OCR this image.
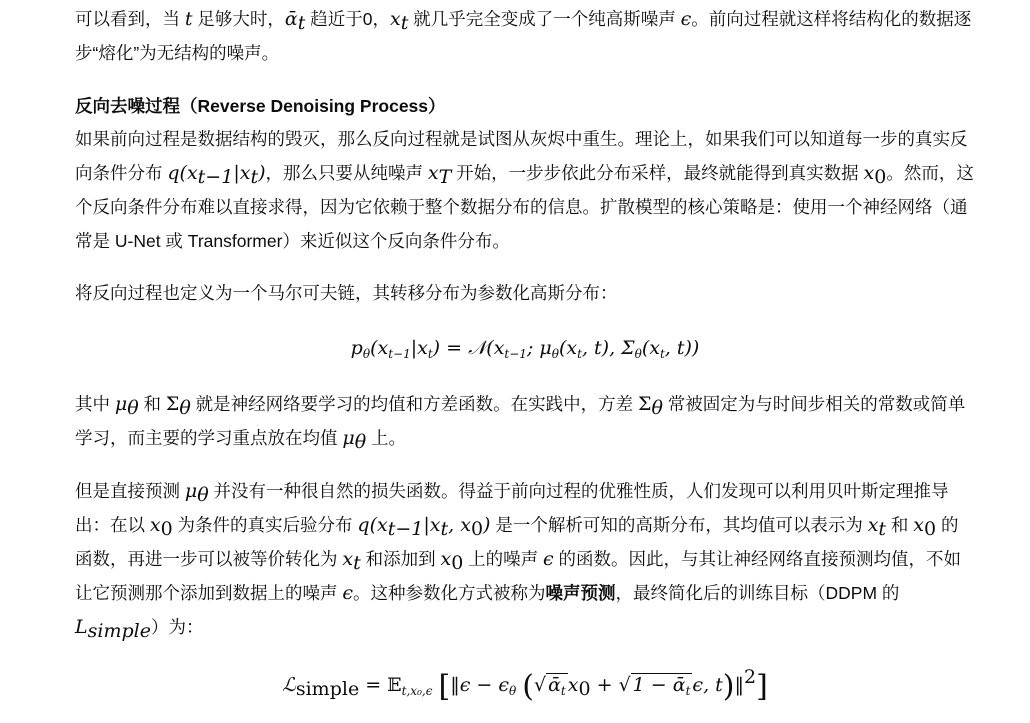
可以看到，当 t 足够大时，ᾱ$_t$ 趋近于0，$x_t$ 就几乎完全变成了一个纯高斯噪声 ϵ。前向过程就这样将结构化的数据逐步“熔化”为无结构的噪声。

反向去噪过程（Reverse Denoising Process）

如果前向过程是数据结构的毁灭，那么反向过程就是试图从灰烬中重生。理论上，如果我们可以知道每一步的真实反向条件分布 $q(x_{t-1}|x_t)$，那么只要从纯噪声 $x_T$ 开始，一步步依此分布采样，最终就能得到真实数据 $x_0$。然而，这个反向条件分布难以直接求得，因为它依赖于整个数据分布的信息。扩散模型的核心策略是：使用一个神经网络（通常是 U-Net 或 Transformer）来近似这个反向条件分布。

将反向过程也定义为一个马尔可夫链，其转移分布为参数化高斯分布：

$p_\theta(x_{t-1}|x_t)$ = $𝒩(x_{t-1}$; $\mu_\theta(x_t$, t), $\Sigma_\theta(x_t$, t))

其中 $\mu_\theta$ 和 $\Sigma_\theta$ 就是神经网络要学习的均值和方差函数。在实践中，方差 $\Sigma_\theta$ 常被固定为与时间步相关的常数或简单学习，而主要的学习重点放在均值 $\mu_\theta$ 上。

但是直接预测 $\mu_\theta$ 并没有一种很自然的损失函数。得益于前向过程的优雅性质，人们发现可以利用贝叶斯定理推导出：在以 $x_0$ 为条件的真实后验分布 $q(x_{t-1}|x_t$, $x_0$) 是一个解析可知的高斯分布，其均值可以表示为 $x_t$ 和 $x_0$ 的函数，再进一步可以被等价转化为 $x_t$ 和添加到 $x_0$ 上的噪声 ϵ 的函数。因此，与其让神经网络直接预测均值，不如让它预测那个添加到数据上的噪声 ϵ。这种参数化方式被称为噪声预测，最终简化后的训练目标（DDPM 的 $L_{simple}$）为：

ℒ$_{simple}$ = 𝔼$_{t,x_0,\epsilon}$ [‖ϵ − $\epsilon_\theta$ (√ ᾱ$_t$ $x_0$ + √ 1 − ᾱ$_t$ ϵ, t)‖$^2$]
